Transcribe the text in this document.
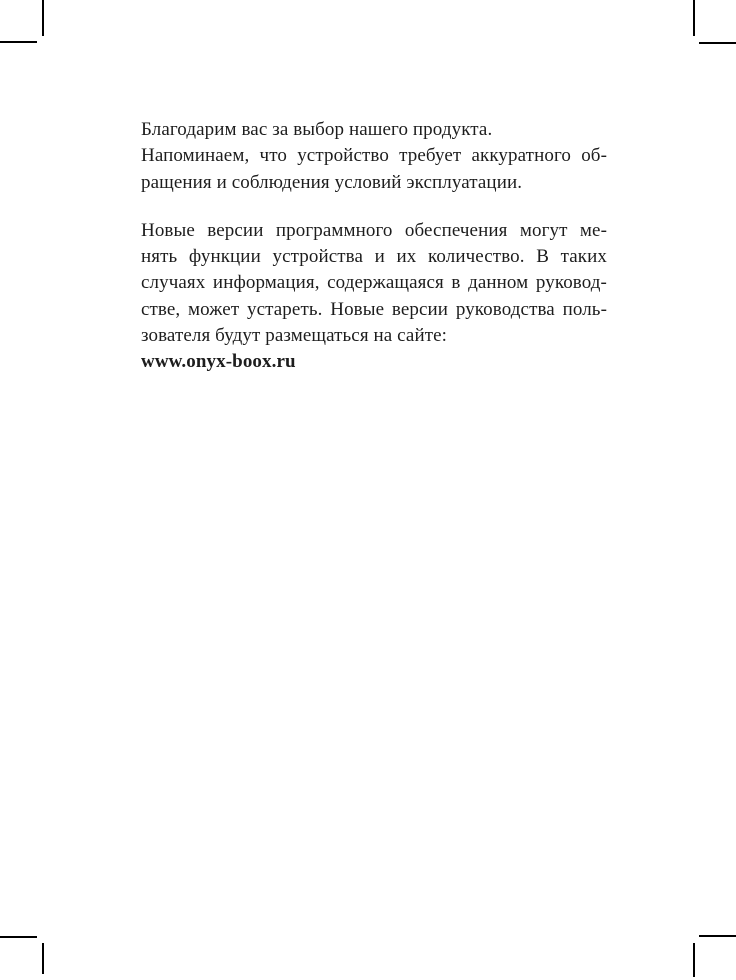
Благодарим вас за выбор нашего продукта.
Напоминаем, что устройство требует аккуратного об-
ращения и соблюдения условий эксплуатации.
Новые версии программного обеспечения могут ме-
нять функции устройства и их количество. В таких
случаях информация, содержащаяся в данном руковод-
стве, может устареть. Новые версии руководства поль-
зователя будут размещаться на сайте:
www.onyx-boox.ru
